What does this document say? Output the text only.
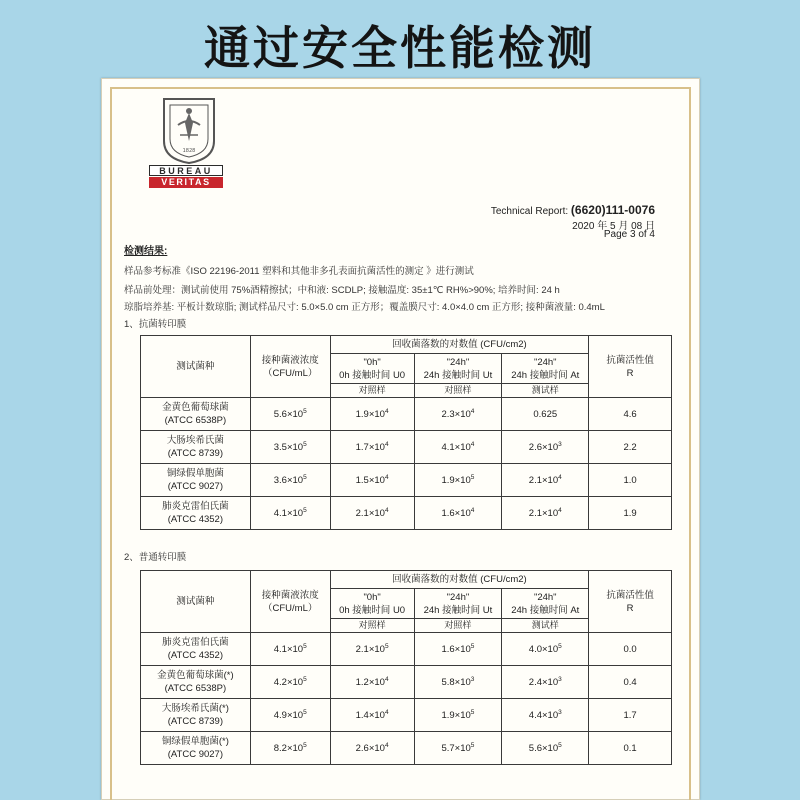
通过安全性能检测
1828
BUREAU
VERITAS
Technical Report: (6620)111-0076
2020 年 5 月 08 日
Page 3 of 4
检测结果:
样品参考标准《ISO 22196-2011 塑料和其他非多孔表面抗菌活性的测定 》进行测试
样品前处理：测试前使用 75%酒精擦拭；中和液: SCDLP; 接触温度: 35±1℃ RH%>90%; 培养时间: 24 h
琼脂培养基: 平板计数琼脂; 测试样品尺寸: 5.0×5.0 cm 正方形；覆盖膜尺寸: 4.0×4.0 cm 正方形; 接种菌液量: 0.4mL
1、抗菌转印膜
2、普通转印膜
测试菌种	接种菌液浓度
（CFU/mL）	回收菌落数的对数值 (CFU/cm2)			抗菌活性值
R
		"0h"
0h 接触时间 U0	"24h"
24h 接触时间 Ut	"24h"
24h 接触时间 At	
		对照样	对照样	测试样	
金黄色葡萄球菌
(ATCC 6538P)	$5.6\times 10^5$	$1.9\times 10^4$	$2.3\times 10^4$	0.625	4.6
大肠埃希氏菌
(ATCC 8739)	$3.5\times 10^5$	$1.7\times 10^4$	$4.1\times 10^4$	$2.6\times 10^3$	2.2
铜绿假单胞菌
(ATCC 9027)	$3.6\times 10^5$	$1.5\times 10^4$	$1.9\times 10^5$	$2.1\times 10^4$	1.0
肺炎克雷伯氏菌
(ATCC 4352)	$4.1\times 10^5$	$2.1\times 10^4$	$1.6\times 10^4$	$2.1\times 10^4$	1.9
测试菌种	接种菌液浓度
（CFU/mL）	回收菌落数的对数值 (CFU/cm2)			抗菌活性值
R
		"0h"
0h 接触时间 U0	"24h"
24h 接触时间 Ut	"24h"
24h 接触时间 At	
		对照样	对照样	测试样	
肺炎克雷伯氏菌
(ATCC 4352)	$4.1\times 10^5$	$2.1\times 10^5$	$1.6\times 10^5$	$4.0\times 10^5$	0.0
金黄色葡萄球菌(*)
(ATCC 6538P)	$4.2\times 10^5$	$1.2\times 10^4$	$5.8\times 10^3$	$2.4\times 10^3$	0.4
大肠埃希氏菌(*)
(ATCC 8739)	$4.9\times 10^5$	$1.4\times 10^4$	$1.9\times 10^5$	$4.4\times 10^3$	1.7
铜绿假单胞菌(*)
(ATCC 9027)	$8.2\times 10^5$	$2.6\times 10^4$	$5.7\times 10^5$	$5.6\times 10^5$	0.1
